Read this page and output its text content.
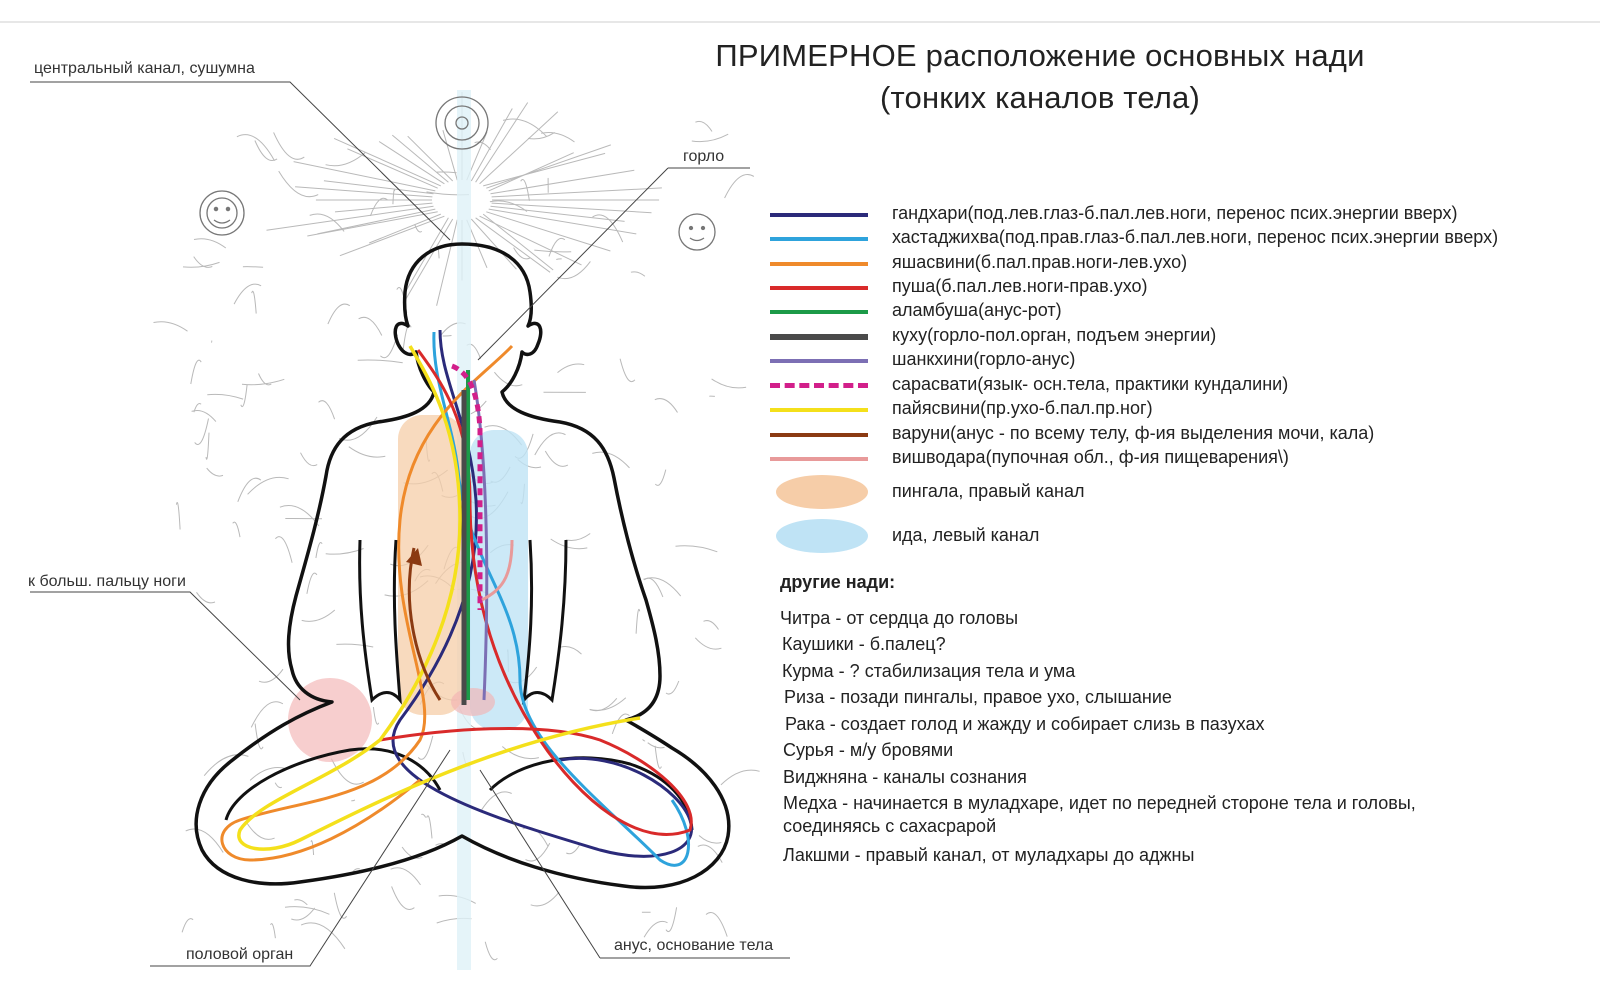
ПРИМЕРНОЕ расположение основных нади
(тонких каналов тела)
центральный канал, сушумна
горло
к больш. пальцу ноги
половой орган
анус, основание тела
гандхари(под.лев.глаз-б.пал.лев.ноги, перенос псих.энергии вверх)
хастаджихва(под.прав.глаз-б.пал.лев.ноги, перенос псих.энергии вверх)
яшасвини(б.пал.прав.ноги-лев.ухо)
пуша(б.пал.лев.ноги-прав.ухо)
аламбуша(анус-рот)
куху(горло-пол.орган, подъем энергии)
шанкхини(горло-анус)
сарасвати(язык- осн.тела, практики кундалини)
пайясвини(пр.ухо-б.пал.пр.ног)
варуни(анус - по всему телу, ф-ия выделения мочи, кала)
вишводара(пупочная обл., ф-ия пищеварения\)
пингала, правый канал
ида, левый канал
другие нади:
Читра - от сердца до головы
Каушики - б.палец?
Курма - ? стабилизация тела и ума
Риза - позади пингалы, правое ухо, слышание
Рака - создает голод и жажду и собирает слизь в пазухах
Сурья - м/у бровями
Виджняна - каналы сознания
Медха - начинается в муладхаре, идет по передней стороне тела и головы,
соединяясь с сахасрарой
Лакшми - правый канал, от муладхары до аджны
